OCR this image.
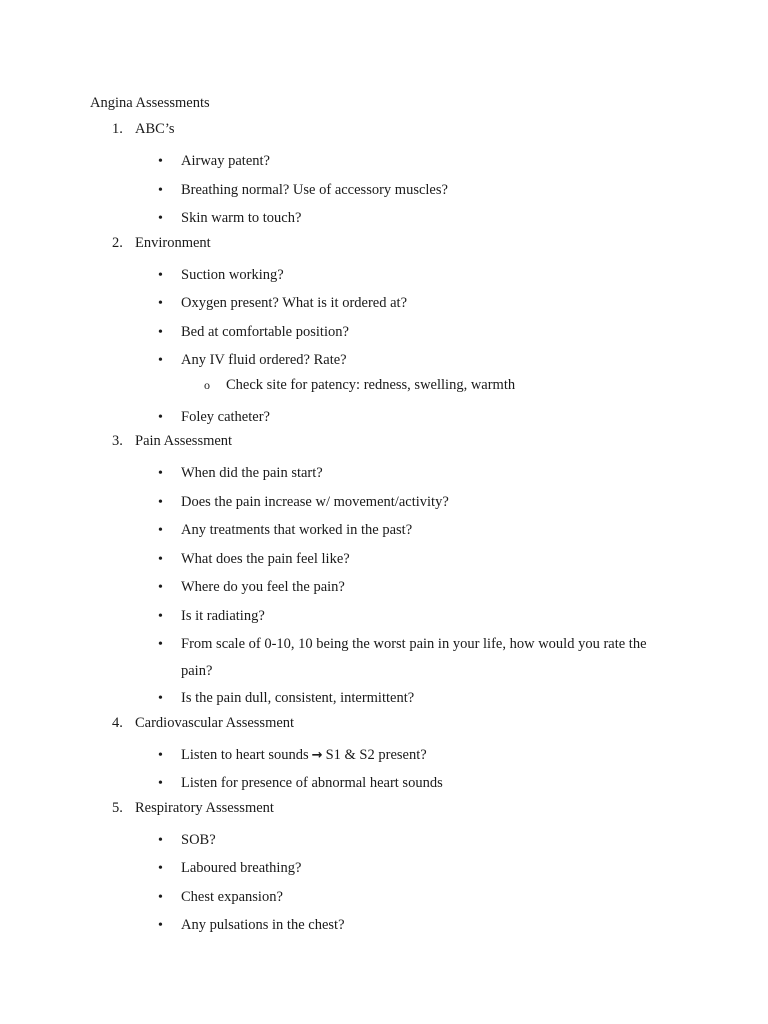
Angina Assessments
1. ABC’s
• Airway patent?
• Breathing normal? Use of accessory muscles?
• Skin warm to touch?
2. Environment
• Suction working?
• Oxygen present? What is it ordered at?
• Bed at comfortable position?
• Any IV fluid ordered? Rate?
o Check site for patency: redness, swelling, warmth
• Foley catheter?
3. Pain Assessment
• When did the pain start?
• Does the pain increase w/ movement/activity?
• Any treatments that worked in the past?
• What does the pain feel like?
• Where do you feel the pain?
• Is it radiating?
• From scale of 0-10, 10 being the worst pain in your life, how would you rate the pain?
• Is the pain dull, consistent, intermittent?
4. Cardiovascular Assessment
• Listen to heart sounds → S1 & S2 present?
• Listen for presence of abnormal heart sounds
5. Respiratory Assessment
• SOB?
• Laboured breathing?
• Chest expansion?
• Any pulsations in the chest?
